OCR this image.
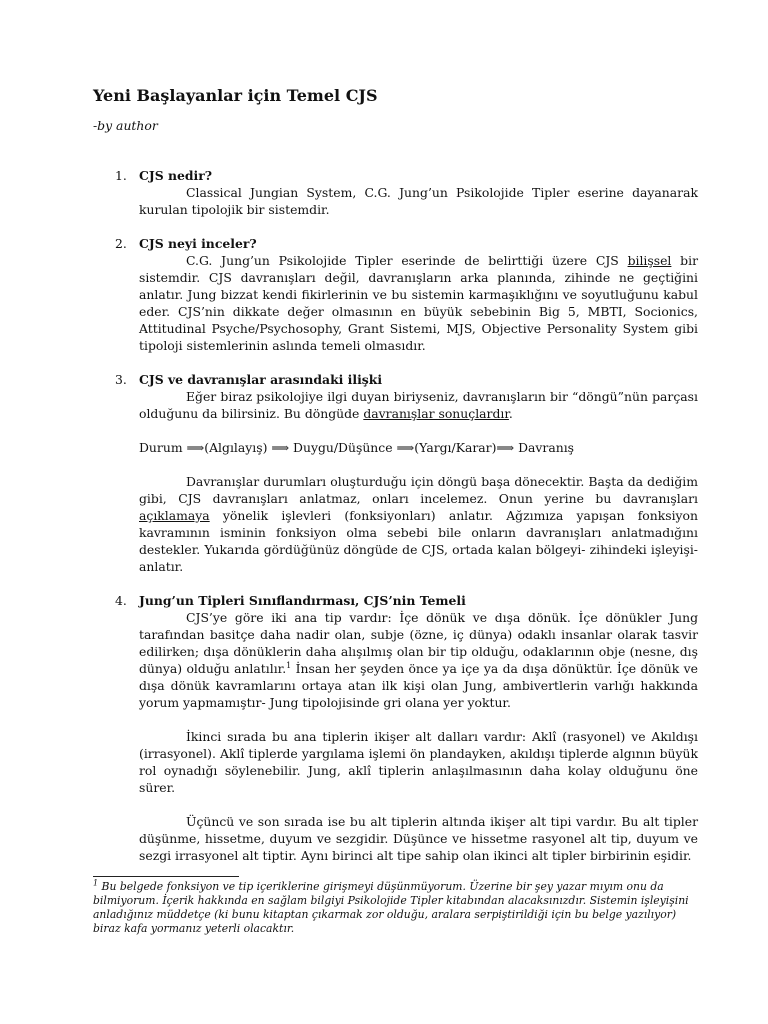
Yeni Başlayanlar için Temel CJS
-by author
1. CJS nedir?

Classical Jungian System, C.G. Jung’un Psikolojide Tipler eserine dayanarak kurulan tipolojik bir sistemdir.

2. CJS neyi inceler?

C.G. Jung’un Psikolojide Tipler eserinde de belirttiği üzere CJS bilişsel bir sistemdir. CJS davranışları değil, davranışların arka planında, zihinde ne geçtiğini anlatır. Jung bizzat kendi fikirlerinin ve bu sistemin karmaşıklığını ve soyutluğunu kabul eder. CJS’nin dikkate değer olmasının en büyük sebebinin Big 5, MBTI, Socionics, Attitudinal Psyche/Psychosophy, Grant Sistemi, MJS, Objective Personality System gibi tipoloji sistemlerinin aslında temeli olmasıdır.

3. CJS ve davranışlar arasındaki ilişki

Eğer biraz psikolojiye ilgi duyan biriyseniz, davranışların bir “döngü”nün parçası olduğunu da bilirsiniz. Bu döngüde davranışlar sonuçlardır.

Durum ⟹(Algılayış) ⟹ Duygu/Düşünce ⟹(Yargı/Karar)⟹ Davranış

Davranışlar durumları oluşturduğu için döngü başa dönecektir. Başta da dediğim gibi, CJS davranışları anlatmaz, onları incelemez. Onun yerine bu davranışları açıklamaya yönelik işlevleri (fonksiyonları) anlatır. Ağzımıza yapışan fonksiyon kavramının isminin fonksiyon olma sebebi bile onların davranışları anlatmadığını destekler. Yukarıda gördüğünüz döngüde de CJS, ortada kalan bölgeyi- zihindeki işleyişi- anlatır.

4. Jung’un Tipleri Sınıflandırması, CJS’nin Temeli

CJS’ye göre iki ana tip vardır: İçe dönük ve dışa dönük. İçe dönükler Jung tarafından basitçe daha nadir olan, subje (özne, iç dünya) odaklı insanlar olarak tasvir edilirken; dışa dönüklerin daha alışılmış olan bir tip olduğu, odaklarının obje (nesne, dış dünya) olduğu anlatılır.$^1$ İnsan her şeyden önce ya içe ya da dışa dönüktür. İçe dönük ve dışa dönük kavramlarını ortaya atan ilk kişi olan Jung, ambivertlerin varlığı hakkında yorum yapmamıştır- Jung tipolojisinde gri olana yer yoktur.

İkinci sırada bu ana tiplerin ikişer alt dalları vardır: Aklî (rasyonel) ve Akıldışı (irrasyonel). Aklî tiplerde yargılama işlemi ön plandayken, akıldışı tiplerde algının büyük rol oynadığı söylenebilir. Jung, aklî tiplerin anlaşılmasının daha kolay olduğunu öne sürer.

Üçüncü ve son sırada ise bu alt tiplerin altında ikişer alt tipi vardır. Bu alt tipler düşünme, hissetme, duyum ve sezgidir. Düşünce ve hissetme rasyonel alt tip, duyum ve sezgi irrasyonel alt tiptir. Aynı birinci alt tipe sahip olan ikinci alt tipler birbirinin eşidir.

$^1$ Bu belgede fonksiyon ve tip içeriklerine girişmeyi düşünmüyorum. Üzerine bir şey yazar mıyım onu da bilmiyorum. İçerik hakkında en sağlam bilgiyi Psikolojide Tipler kitabından alacaksınızdır. Sistemin işleyişini anladığınız müddetçe (ki bunu kitaptan çıkarmak zor olduğu, aralara serpiştirildiği için bu belge yazılıyor) biraz kafa yormanız yeterli olacaktır.
